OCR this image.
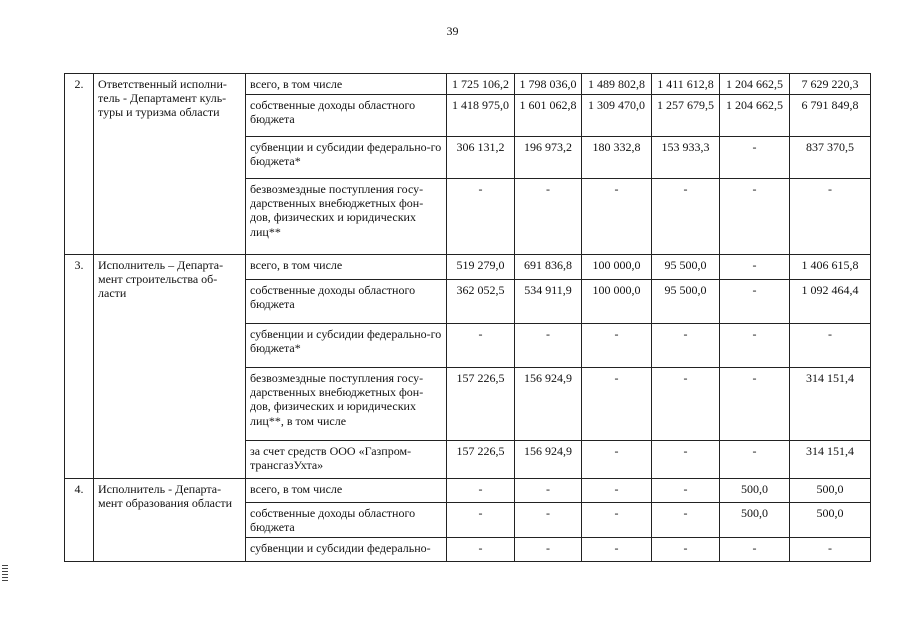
39
2.	Ответственный исполни-тель - Департамент куль-туры и туризма области	всего, в том числе	1 725 106,2	1 798 036,0	1 489 802,8	1 411 612,8	1 204 662,5	7 629 220,3
		собственные доходы областного бюджета	1 418 975,0	1 601 062,8	1 309 470,0	1 257 679,5	1 204 662,5	6 791 849,8
		субвенции и субсидии федерально-го бюджета*	306 131,2	196 973,2	180 332,8	153 933,3	-	837 370,5
		безвозмездные поступления госу-дарственных внебюджетных фон-дов, физических и юридических лиц**	-	-	-	-	-	-
3.	Исполнитель – Департа-мент строительства об-ласти	всего, в том числе	519 279,0	691 836,8	100 000,0	95 500,0	-	1 406 615,8
		собственные доходы областного бюджета	362 052,5	534 911,9	100 000,0	95 500,0	-	1 092 464,4
		субвенции и субсидии федерально-го бюджета*	-	-	-	-	-	-
		безвозмездные поступления госу-дарственных внебюджетных фон-дов, физических и юридических лиц**, в том числе	157 226,5	156 924,9	-	-	-	314 151,4
		за счет средств ООО «Газпром-трансгазУхта»	157 226,5	156 924,9	-	-	-	314 151,4
4.	Исполнитель - Департа-мент образования области	всего, в том числе	-	-	-	-	500,0	500,0
		собственные доходы областного бюджета	-	-	-	-	500,0	500,0
		субвенции и субсидии федерально-	-	-	-	-	-	-
